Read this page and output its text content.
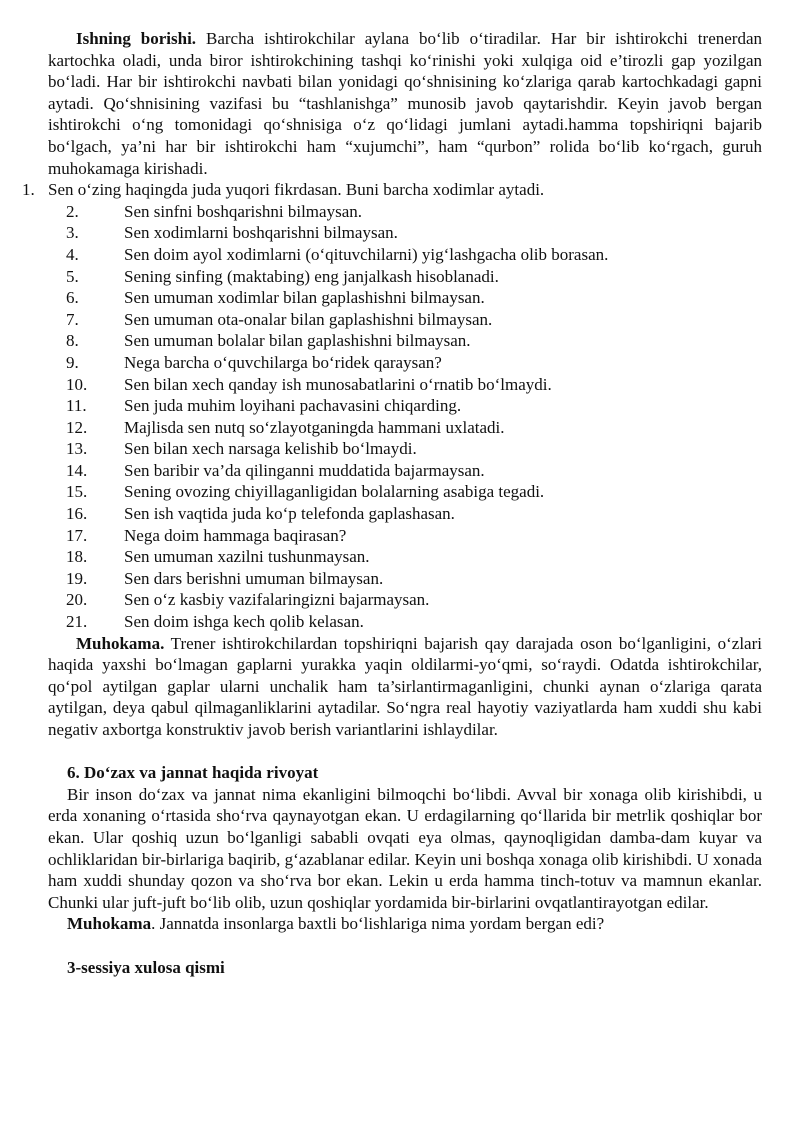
Ishning borishi. Barcha ishtirokchilar aylana bo‘lib o‘tiradilar. Har bir ishtirokchi trenerdan kartochka oladi, unda biror ishtirokchining tashqi ko‘rinishi yoki xulqiga oid e’tirozli gap yozilgan bo‘ladi. Har bir ishtirokchi navbati bilan yonidagi qo‘shnisining ko‘zlariga qarab kartochkadagi gapni aytadi. Qo‘shnisining vazifasi bu “tashlanishga” munosib javob qaytarishdir. Keyin javob bergan ishtirokchi o‘ng tomonidagi qo‘shnisiga o‘z qo‘lidagi jumlani aytadi.hamma topshiriqni bajarib bo‘lgach, ya’ni har bir ishtirokchi ham “xujumchi”, ham “qurbon” rolida bo‘lib ko‘rgach, guruh muhokamaga kirishadi.

1. Sen o‘zing haqingda juda yuqori fikrdasan. Buni barcha xodimlar aytadi.

2.	Sen sinfni boshqarishni bilmaysan.
3.	Sen xodimlarni boshqarishni bilmaysan.
4.	Sen doim ayol xodimlarni (o‘qituvchilarni) yig‘lashgacha olib borasan.
5.	Sening sinfing (maktabing) eng janjalkash hisoblanadi.
6.	Sen umuman xodimlar bilan gaplashishni bilmaysan.
7.	Sen umuman ota-onalar bilan gaplashishni bilmaysan.
8.	Sen umuman bolalar bilan gaplashishni bilmaysan.
9.	Nega barcha o‘quvchilarga bo‘ridek qaraysan?
10. Sen bilan xech qanday ish munosabatlarini o‘rnatib bo‘lmaydi.
11. Sen juda muhim loyihani pachavasini chiqarding.
12. Majlisda sen nutq so‘zlayotganingda hammani uxlatadi.
13. Sen bilan xech narsaga kelishib bo‘lmaydi.
14. Sen baribir va’da qilinganni muddatida bajarmaysan.
15. Sening ovozing chiyillaganligidan bolalarning asabiga tegadi.
16. Sen ish vaqtida juda ko‘p telefonda gaplashasan.
17. Nega doim hammaga baqirasan?
18. Sen umuman xazilni tushunmaysan.
19. Sen dars berishni umuman bilmaysan.
20. Sen o‘z kasbiy vazifalaringizni bajarmaysan.
21. Sen doim ishga kech qolib kelasan.

Muhokama. Trener ishtirokchilardan topshiriqni bajarish qay darajada oson bo‘lganligini, o‘zlari haqida yaxshi bo‘lmagan gaplarni yurakka yaqin oldilarmi-yo‘qmi, so‘raydi. Odatda ishtirokchilar, qo‘pol aytilgan gaplar ularni unchalik ham ta’sirlantirmaganligini, chunki aynan o‘zlariga qarata aytilgan, deya qabul qilmaganliklarini aytadilar. So‘ngra real hayotiy vaziyatlarda ham xuddi shu kabi negativ axbortga konstruktiv javob berish variantlarini ishlaydilar.

6. Do‘zax va jannat haqida rivoyat

Bir inson do‘zax va jannat nima ekanligini bilmoqchi bo‘libdi. Avval bir xonaga olib kirishibdi, u erda xonaning o‘rtasida sho‘rva qaynayotgan ekan. U erdagilarning qo‘llarida bir metrlik qoshiqlar bor ekan. Ular qoshiq uzun bo‘lganligi sababli ovqati eya olmas, qaynoqligidan damba-dam kuyar va ochliklaridan bir-birlariga baqirib, g‘azablanar edilar. Keyin uni boshqa xonaga olib kirishibdi. U xonada ham xuddi shunday qozon va sho‘rva bor ekan. Lekin u erda hamma tinch-totuv va mamnun ekanlar. Chunki ular juft-juft bo‘lib olib, uzun qoshiqlar yordamida bir-birlarini ovqatlantirayotgan edilar.

Muhokama. Jannatda insonlarga baxtli bo‘lishlariga nima yordam bergan edi?

3-sessiya xulosa qismi
